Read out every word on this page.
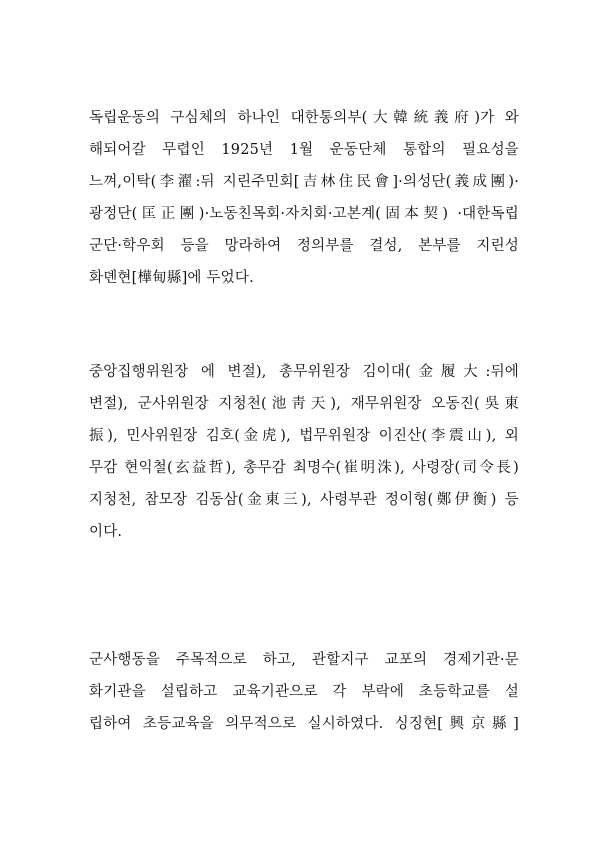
독립운동의 구심체의 하나인 대한통의부(大韓統義府)가 와
해되어갈 무렵인 1925년 1월 운동단체 통합의 필요성을
느껴,이탁(李濯:뒤 지린주민회[吉林住民會]·의성단(義成團)·
광정단(匡正團)·노동친목회·자치회·고본계(固本契) ·대한독립
군단·학우회 등을 망라하여 정의부를 결성, 본부를 지린성
화뎬현[樺甸縣]에 두었다.
중앙집행위원장 에 변절), 총무위원장 김이대(金履大:뒤에
변절), 군사위원장 지청천(池靑天), 재무위원장 오동진(吳東
振), 민사위원장 김호(金虎), 법무위원장 이진산(李震山), 외
무감 현익철(玄益哲), 총무감 최명수(崔明洙), 사령장(司令長)
지청천, 참모장 김동삼(金東三), 사령부관 정이형(鄭伊衡) 등
이다.
군사행동을 주목적으로 하고, 관할지구 교포의 경제기관·문
화기관을 설립하고 교육기관으로 각 부락에 초등학교를 설
립하여 초등교육을 의무적으로 실시하였다. 싱징현[興京縣]
